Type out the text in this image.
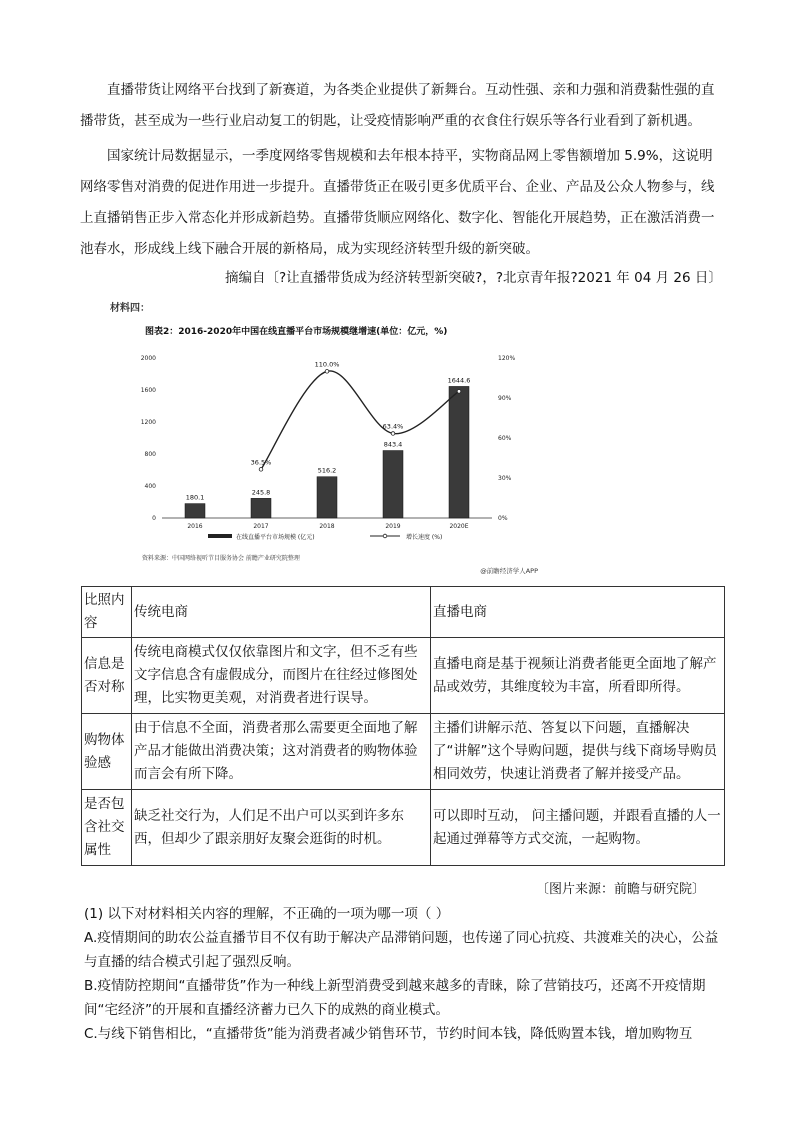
直播带货让网络平台找到了新赛道，为各类企业提供了新舞台。互动性强、亲和力强和消费黏性强的直播带货，甚至成为一些行业启动复工的钥匙，让受疫情影响严重的衣食住行娱乐等各行业看到了新机遇。

国家统计局数据显示，一季度网络零售规模和去年根本持平，实物商品网上零售额增加 5.9%，这说明网络零售对消费的促进作用进一步提升。直播带货正在吸引更多优质平台、企业、产品及公众人物参与，线上直播销售正步入常态化并形成新趋势。直播带货顺应网络化、数字化、智能化开展趋势，正在激活消费一池春水，形成线上线下融合开展的新格局，成为实现经济转型升级的新突破。

摘编自〔?让直播带货成为经济转型新突破?，?北京青年报?2021 年 04 月 26 日〕
材料四：
图表2：2016-2020年中国在线直播平台市场规模继增速(单位：亿元，%)
0
400
800
1200
1600
2000
0%
30%
60%
90%
120%
2016	2017	2018	2019	2020E
180.1
245.8
516.2
843.4
1644.6
36.5%
110.0%
63.4%
在线直播平台市场规模 (亿元)	增长速度 (%)
资料来源：中国网络视听节目服务协会 前瞻产业研究院整理
@前瞻经济学人APP
比照内容	传统电商	直播电商
信息是否对称	传统电商模式仅仅依靠图片和文字，但不乏有些文字信息含有虚假成分，而图片在往经过修图处理，比实物更美观，对消费者进行误导。	直播电商是基于视频让消费者能更全面地了解产品或效劳，其维度较为丰富，所看即所得。
购物体验感	由于信息不全面，消费者那么需要更全面地了解产品才能做出消费决策；这对消费者的购物体验而言会有所下降。	主播们讲解示范、答复以下问题，直播解决了“讲解”这个导购问题，提供与线下商场导购员相同效劳，快速让消费者了解并接受产品。
是否包含社交属性	缺乏社交行为，人们足不出户可以买到许多东西，但却少了跟亲朋好友聚会逛街的时机。	可以即时互动， 问主播问题，并跟看直播的人一起通过弹幕等方式交流，一起购物。
〔图片来源：前瞻与研究院〕

(1) 以下对材料相关内容的理解，不正确的一项为哪一项（ ）

A.疫情期间的助农公益直播节目不仅有助于解决产品滞销问题，也传递了同心抗疫、共渡难关的决心，公益与直播的结合模式引起了强烈反响。

B.疫情防控期间“直播带货”作为一种线上新型消费受到越来越多的青睐，除了营销技巧，还离不开疫情期间“宅经济”的开展和直播经济蓄力已久下的成熟的商业模式。

C.与线下销售相比，“直播带货”能为消费者减少销售环节，节约时间本钱，降低购置本钱，增加购物互
